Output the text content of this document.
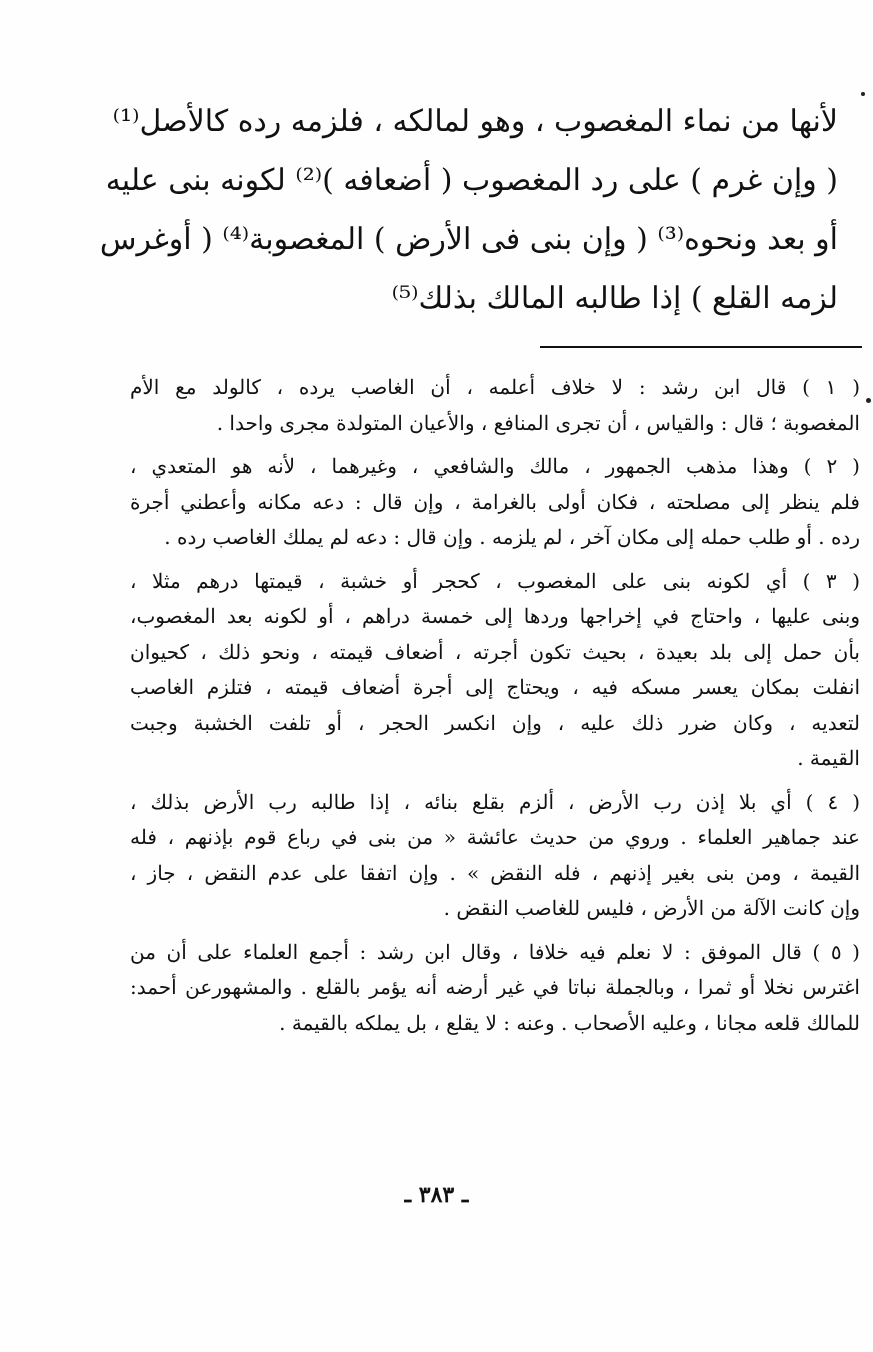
لأنها من نماء المغصوب ، وهو لمالكه ، فلزمه رده كالأصل⁽¹⁾
( وإن غرم ) على رد المغصوب ( أضعافه )⁽²⁾ لكونه بنى عليه
أو بعد ونحوه⁽³⁾ ( وإن بنى فى الأرض ) المغصوبة⁽⁴⁾ ( أوغرس
لزمه القلع ) إذا طالبه المالك بذلك⁽⁵⁾
( ١ ) قال ابن رشد : لا خلاف أعلمه ، أن الغاصب يرده ، كالولد مع الأم
المغصوبة ؛ قال : والقياس ، أن تجرى المنافع ، والأعيان المتولدة مجرى واحدا .
( ٢ ) وهذا مذهب الجمهور ، مالك والشافعي ، وغيرهما ، لأنه هو المتعدي ،
فلم ينظر إلى مصلحته ، فكان أولى بالغرامة ، وإن قال : دعه مكانه وأعطني أجرة
رده . أو طلب حمله إلى مكان آخر ، لم يلزمه . وإن قال : دعه لم يملك الغاصب رده .
( ٣ ) أي لكونه بنى على المغصوب ، كحجر أو خشبة ، قيمتها درهم مثلا ،
وبنى عليها ، واحتاج في إخراجها وردها إلى خمسة دراهم ، أو لكونه بعد المغصوب،
بأن حمل إلى بلد بعيدة ، بحيث تكون أجرته ، أضعاف قيمته ، ونحو ذلك ، كحيوان
انفلت بمكان يعسر مسكه فيه ، ويحتاج إلى أجرة أضعاف قيمته ، فتلزم الغاصب
لتعديه ، وكان ضرر ذلك عليه ، وإن انكسر الحجر ، أو تلفت الخشبة وجبت
القيمة .
( ٤ ) أي بلا إذن رب الأرض ، ألزم بقلع بنائه ، إذا طالبه رب الأرض بذلك ،
عند جماهير العلماء . وروي من حديث عائشة « من بنى في رباع قوم بإذنهم ، فله
القيمة ، ومن بنى بغير إذنهم ، فله النقض » . وإن اتفقا على عدم النقض ، جاز ،
وإن كانت الآلة من الأرض ، فليس للغاصب النقض .
( ٥ ) قال الموفق : لا نعلم فيه خلافا ، وقال ابن رشد : أجمع العلماء على أن من
اغترس نخلا أو ثمرا ، وبالجملة نباتا في غير أرضه أنه يؤمر بالقلع . والمشهورعن أحمد:
للمالك قلعه مجانا ، وعليه الأصحاب . وعنه : لا يقلع ، بل يملكه بالقيمة .
ـ ٣٨٣ ـ
